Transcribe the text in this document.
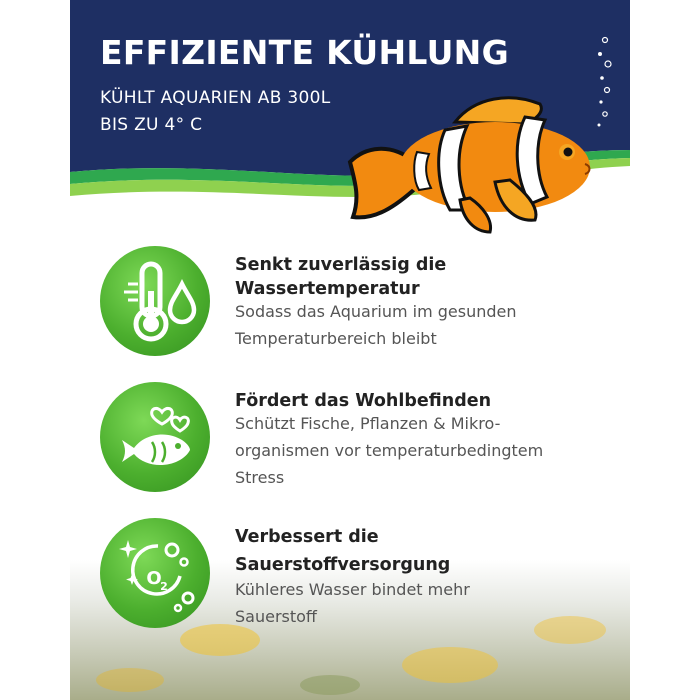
EFFIZIENTE KÜHLUNG
KÜHLT AQUARIEN AB 300L
BIS ZU 4° C

Senkt zuverlässig die

Wassertemperatur

Sodass das Aquarium im gesunden

Temperaturbereich bleibt

Fördert das Wohlbefinden

Schützt Fische, Pflanzen & Mikro-

organismen vor temperaturbedingtem

Stress

O
2

Verbessert die

Sauerstoffversorgung

Kühleres Wasser bindet mehr

Sauerstoff
